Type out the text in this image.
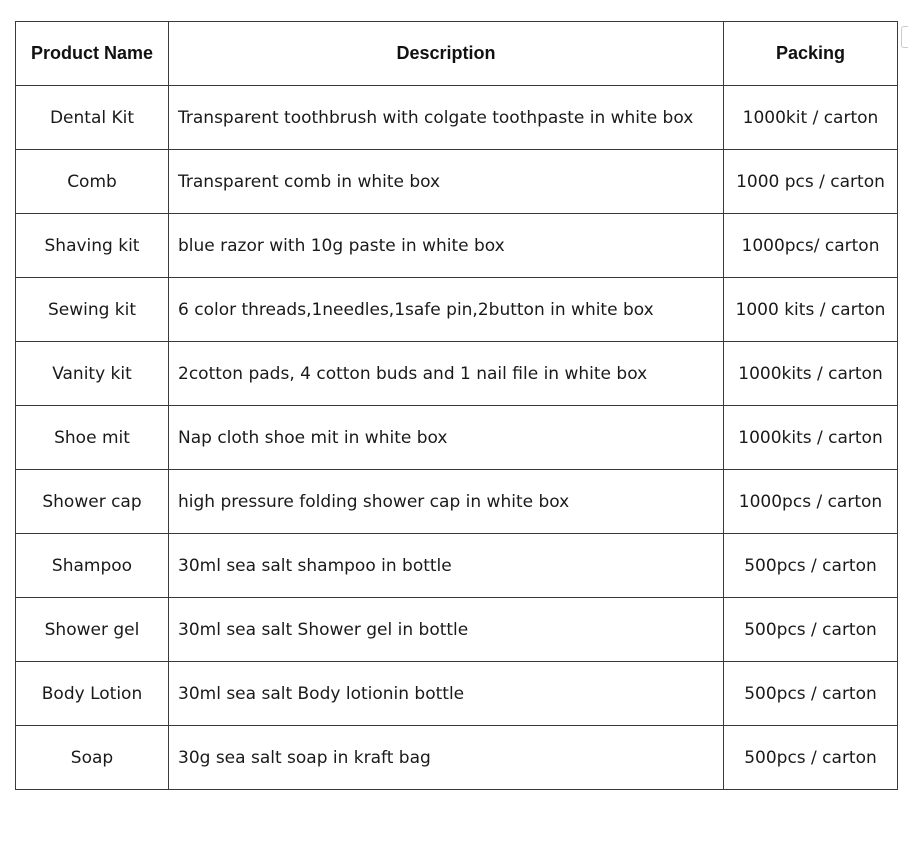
Product Name	Description	Packing
Dental Kit	Transparent toothbrush with colgate toothpaste in white box	1000kit / carton
Comb	Transparent comb in white box	1000 pcs / carton
Shaving kit	blue razor with 10g paste in white box	1000pcs/ carton
Sewing kit	6 color threads,1needles,1safe pin,2button in white box	1000 kits / carton
Vanity kit	2cotton pads, 4 cotton buds and 1 nail file in white box	1000kits / carton
Shoe mit	Nap cloth shoe mit in white box	1000kits / carton
Shower cap	high pressure folding shower cap in white box	1000pcs / carton
Shampoo	30ml sea salt shampoo in bottle	500pcs / carton
Shower gel	30ml sea salt Shower gel in bottle	500pcs / carton
Body Lotion	30ml sea salt Body lotionin bottle	500pcs / carton
Soap	30g sea salt soap in kraft bag	500pcs / carton
